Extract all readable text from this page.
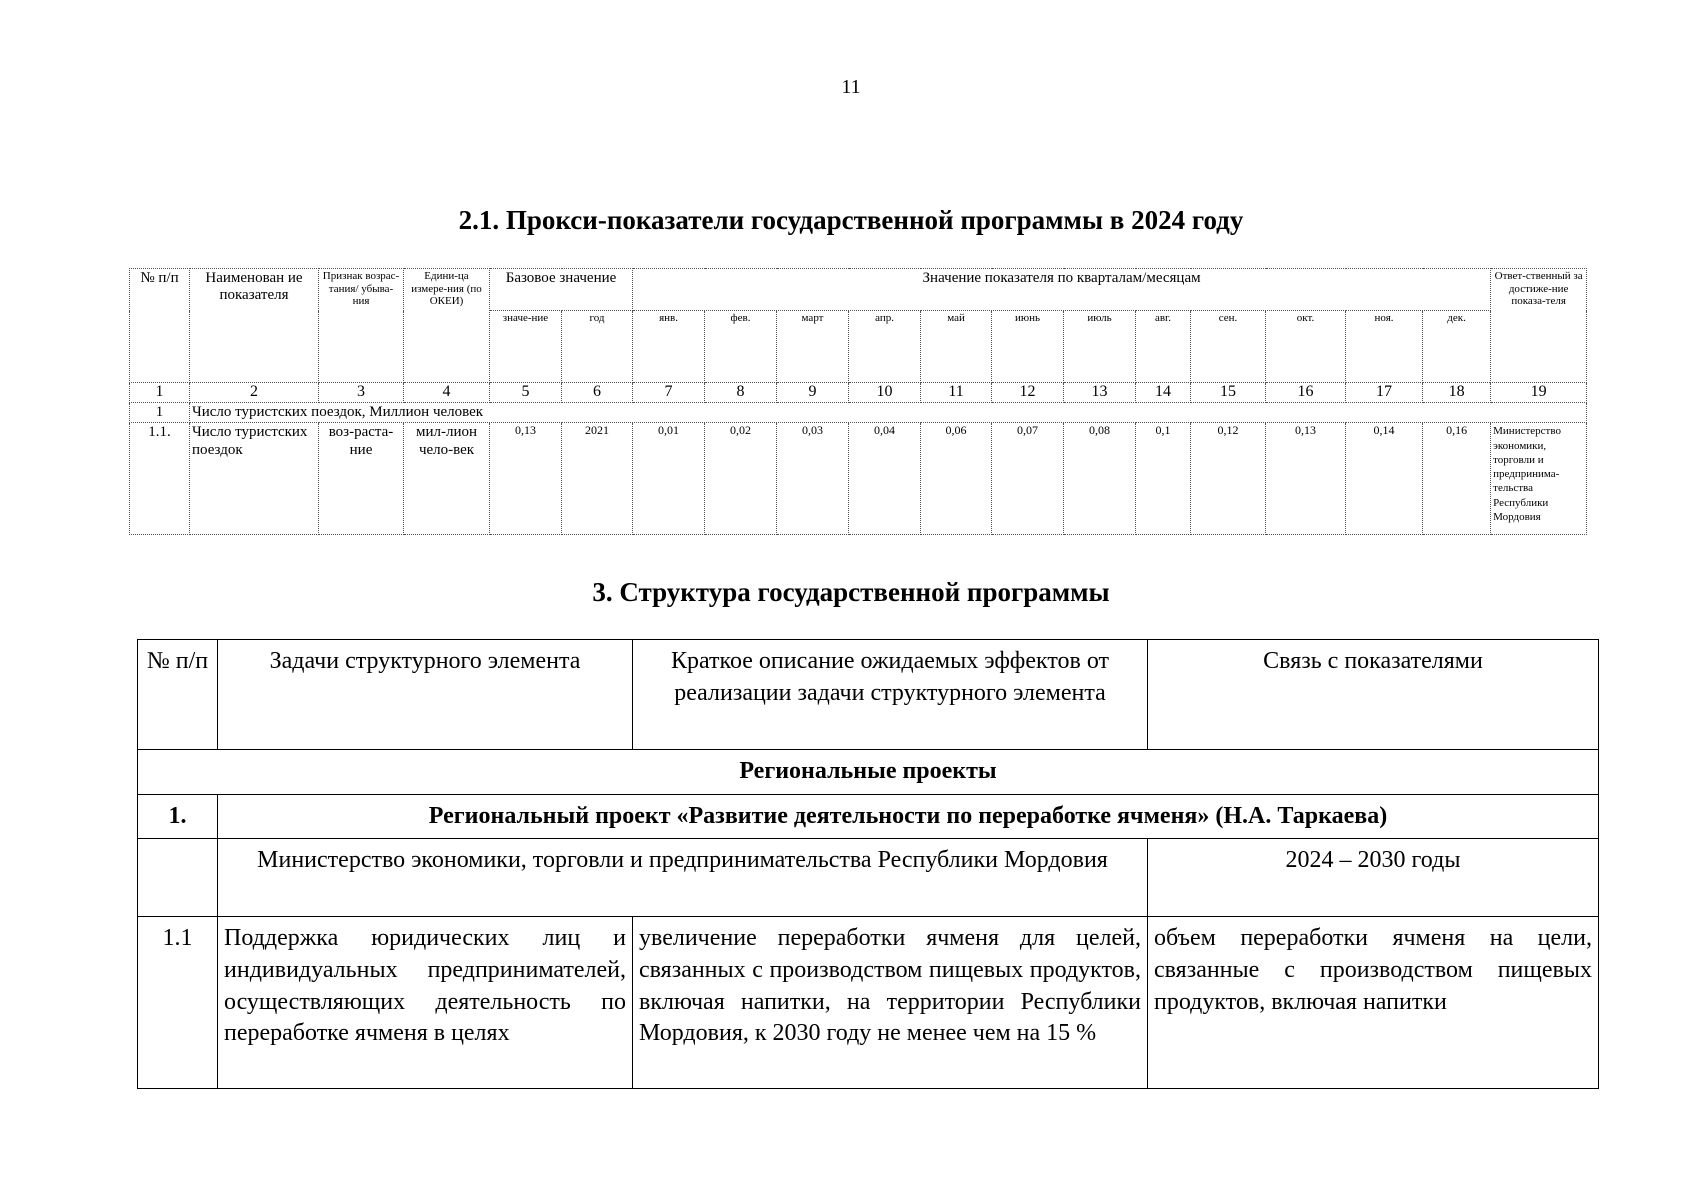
11
2.1. Прокси-показатели государственной программы в 2024 году
№ п/п	Наименован ие показателя	Признак возрас-тания/ убыва-ния	Едини-ца измере-ния (по ОКЕИ)	Базовое значение		Значение показателя по кварталам/месяцам												Ответ-ственный за достиже-ние показа-теля
				значе-ние	год	янв.	фев.	март	апр.	май	июнь	июль	авг.	сен.	окт.	ноя.	дек.	
1	2	3	4	5	6	7	8	9	10	11	12	13	14	15	16	17	18	19
1	Число туристских поездок, Миллион человек																	
1.1.	Число туристских поездок	воз-раста-ние	мил-лион чело-век	0,13	2021	0,01	0,02	0,03	0,04	0,06	0,07	0,08	0,1	0,12	0,13	0,14	0,16	Министерство экономики, торговли и предпринима-тельства Республики Мордовия
3. Структура государственной программы
№ п/п	Задачи структурного элемента	Краткое описание ожидаемых эффектов от реализации задачи структурного элемента	Связь с показателями
Региональные проекты			
1.	Региональный проект «Развитие деятельности по переработке ячменя» (Н.А. Таркаева)		
	Министерство экономики, торговли и предпринимательства Республики Мордовия		2024 – 2030 годы
1.1	Поддержка юридических лиц и индивидуальных предпринимателей, осуществляющих деятельность по переработке ячменя в целях	увеличение переработки ячменя для целей, связанных с производством пищевых продуктов, включая напитки, на территории Республики Мордовия, к 2030 году не менее чем на 15 %	объем переработки ячменя на цели, связанные с производством пищевых продуктов, включая напитки
